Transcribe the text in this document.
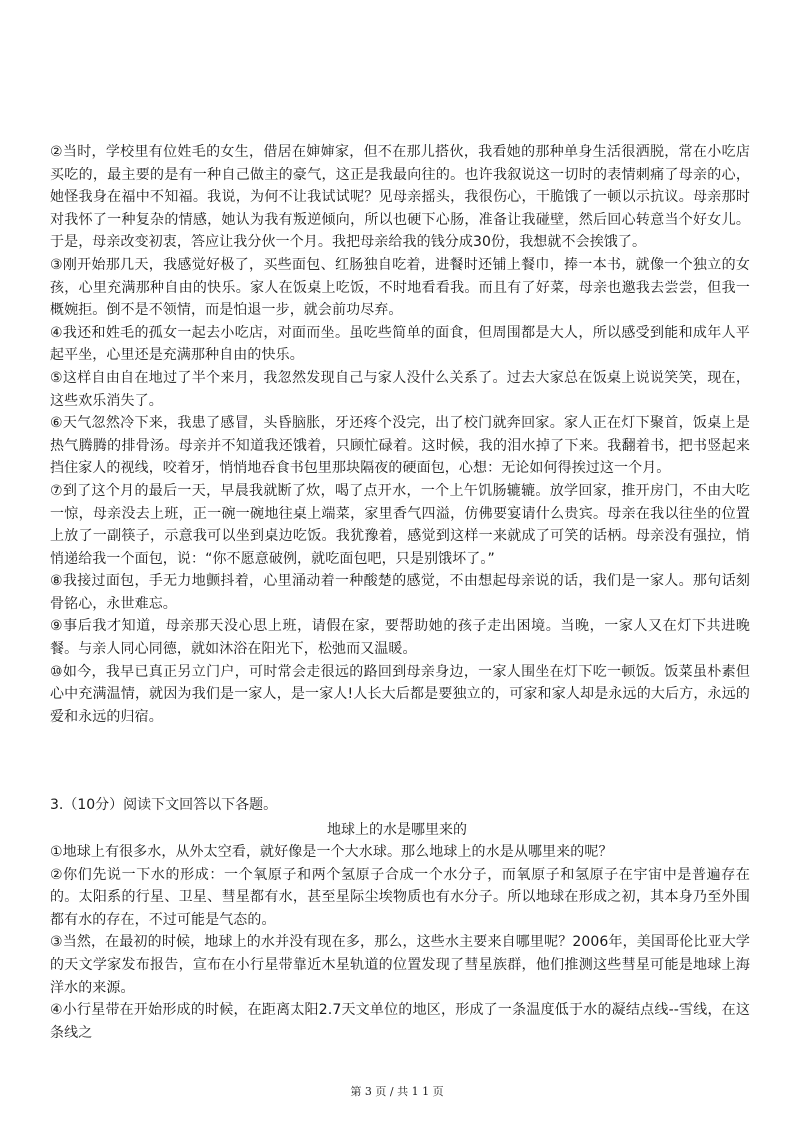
②当时，学校里有位姓毛的女生，借居在婶婶家，但不在那儿搭伙，我看她的那种单身生活很洒脱，常在小吃店买吃的，最主要的是有一种自己做主的豪气，这正是我最向往的。也许我叙说这一切时的表情刺痛了母亲的心，她怪我身在福中不知福。我说，为何不让我试试呢？见母亲摇头，我很伤心，干脆饿了一顿以示抗议。母亲那时对我怀了一种复杂的情感，她认为我有叛逆倾向，所以也硬下心肠，准备让我碰壁，然后回心转意当个好女儿。于是，母亲改变初衷，答应让我分伙一个月。我把母亲给我的钱分成30份，我想就不会挨饿了。

③刚开始那几天，我感觉好极了，买些面包、红肠独自吃着，进餐时还铺上餐巾，捧一本书，就像一个独立的女孩，心里充满那种自由的快乐。家人在饭桌上吃饭，不时地看看我。而且有了好菜，母亲也邀我去尝尝，但我一概婉拒。倒不是不领情，而是怕退一步，就会前功尽弃。

④我还和姓毛的孤女一起去小吃店，对面而坐。虽吃些简单的面食，但周围都是大人，所以感受到能和成年人平起平坐，心里还是充满那种自由的快乐。

⑤这样自由自在地过了半个来月，我忽然发现自己与家人没什么关系了。过去大家总在饭桌上说说笑笑，现在，这些欢乐消失了。

⑥天气忽然冷下来，我患了感冒，头昏脑胀，牙还疼个没完，出了校门就奔回家。家人正在灯下聚首，饭桌上是热气腾腾的排骨汤。母亲并不知道我还饿着，只顾忙碌着。这时候，我的泪水掉了下来。我翻着书，把书竖起来挡住家人的视线，咬着牙，悄悄地吞食书包里那块隔夜的硬面包，心想：无论如何得挨过这一个月。

⑦到了这个月的最后一天，早晨我就断了炊，喝了点开水，一个上午饥肠辘辘。放学回家，推开房门，不由大吃一惊，母亲没去上班，正一碗一碗地往桌上端菜，家里香气四溢，仿佛要宴请什么贵宾。母亲在我以往坐的位置上放了一副筷子，示意我可以坐到桌边吃饭。我犹豫着，感觉到这样一来就成了可笑的话柄。母亲没有强拉，悄悄递给我一个面包，说：“你不愿意破例，就吃面包吧，只是别饿坏了。”

⑧我接过面包，手无力地颤抖着，心里涌动着一种酸楚的感觉，不由想起母亲说的话，我们是一家人。那句话刻骨铭心，永世难忘。

⑨事后我才知道，母亲那天没心思上班，请假在家，要帮助她的孩子走出困境。当晚，一家人又在灯下共进晚餐。与亲人同心同德，就如沐浴在阳光下，松弛而又温暖。

⑩如今，我早已真正另立门户，可时常会走很远的路回到母亲身边，一家人围坐在灯下吃一顿饭。饭菜虽朴素但心中充满温情，就因为我们是一家人，是一家人!人长大后都是要独立的，可家和家人却是永远的大后方，永远的爱和永远的归宿。

3.（10分）阅读下文回答以下各题。

地球上的水是哪里来的

①地球上有很多水，从外太空看，就好像是一个大水球。那么地球上的水是从哪里来的呢？

②你们先说一下水的形成：一个氧原子和两个氢原子合成一个水分子，而氧原子和氢原子在宇宙中是普遍存在的。太阳系的行星、卫星、彗星都有水，甚至星际尘埃物质也有水分子。所以地球在形成之初，其本身乃至外围都有水的存在，不过可能是气态的。

③当然，在最初的时候，地球上的水并没有现在多，那么，这些水主要来自哪里呢？2006年，美国哥伦比亚大学的天文学家发布报告，宣布在小行星带靠近木星轨道的位置发现了彗星族群，他们推测这些彗星可能是地球上海洋水的来源。

④小行星带在开始形成的时候，在距离太阳2.7天文单位的地区，形成了一条温度低于水的凝结点线--雪线，在这条线之

第 3 页 / 共 1 1 页
